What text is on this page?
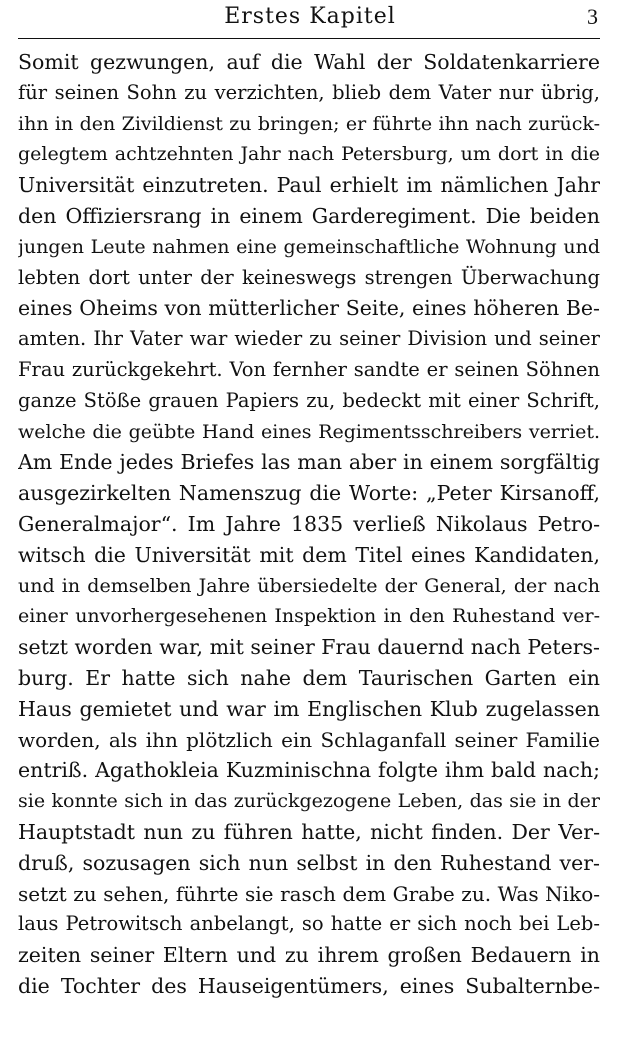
Erstes Kapitel	3
Somit gezwungen, auf die Wahl der Soldatenkarriere
für seinen Sohn zu verzichten, blieb dem Vater nur übrig,
ihn in den Zivildienst zu bringen; er führte ihn nach zurück-
gelegtem achtzehnten Jahr nach Petersburg, um dort in die
Universität einzutreten. Paul erhielt im nämlichen Jahr
den Offiziersrang in einem Garderegiment. Die beiden
jungen Leute nahmen eine gemeinschaftliche Wohnung und
lebten dort unter der keineswegs strengen Überwachung
eines Oheims von mütterlicher Seite, eines höheren Be-
amten. Ihr Vater war wieder zu seiner Division und seiner
Frau zurückgekehrt. Von fernher sandte er seinen Söhnen
ganze Stöße grauen Papiers zu, bedeckt mit einer Schrift,
welche die geübte Hand eines Regimentsschreibers verriet.
Am Ende jedes Briefes las man aber in einem sorgfältig
ausgezirkelten Namenszug die Worte: „Peter Kirsanoff,
Generalmajor“. Im Jahre 1835 verließ Nikolaus Petro-
witsch die Universität mit dem Titel eines Kandidaten,
und in demselben Jahre übersiedelte der General, der nach
einer unvorhergesehenen Inspektion in den Ruhestand ver-
setzt worden war, mit seiner Frau dauernd nach Peters-
burg. Er hatte sich nahe dem Taurischen Garten ein
Haus gemietet und war im Englischen Klub zugelassen
worden, als ihn plötzlich ein Schlaganfall seiner Familie
entriß. Agathokleia Kuzminischna folgte ihm bald nach;
sie konnte sich in das zurückgezogene Leben, das sie in der
Hauptstadt nun zu führen hatte, nicht finden. Der Ver-
druß, sozusagen sich nun selbst in den Ruhestand ver-
setzt zu sehen, führte sie rasch dem Grabe zu. Was Niko-
laus Petrowitsch anbelangt, so hatte er sich noch bei Leb-
zeiten seiner Eltern und zu ihrem großen Bedauern in
die Tochter des Hauseigentümers, eines Subalternbe-
